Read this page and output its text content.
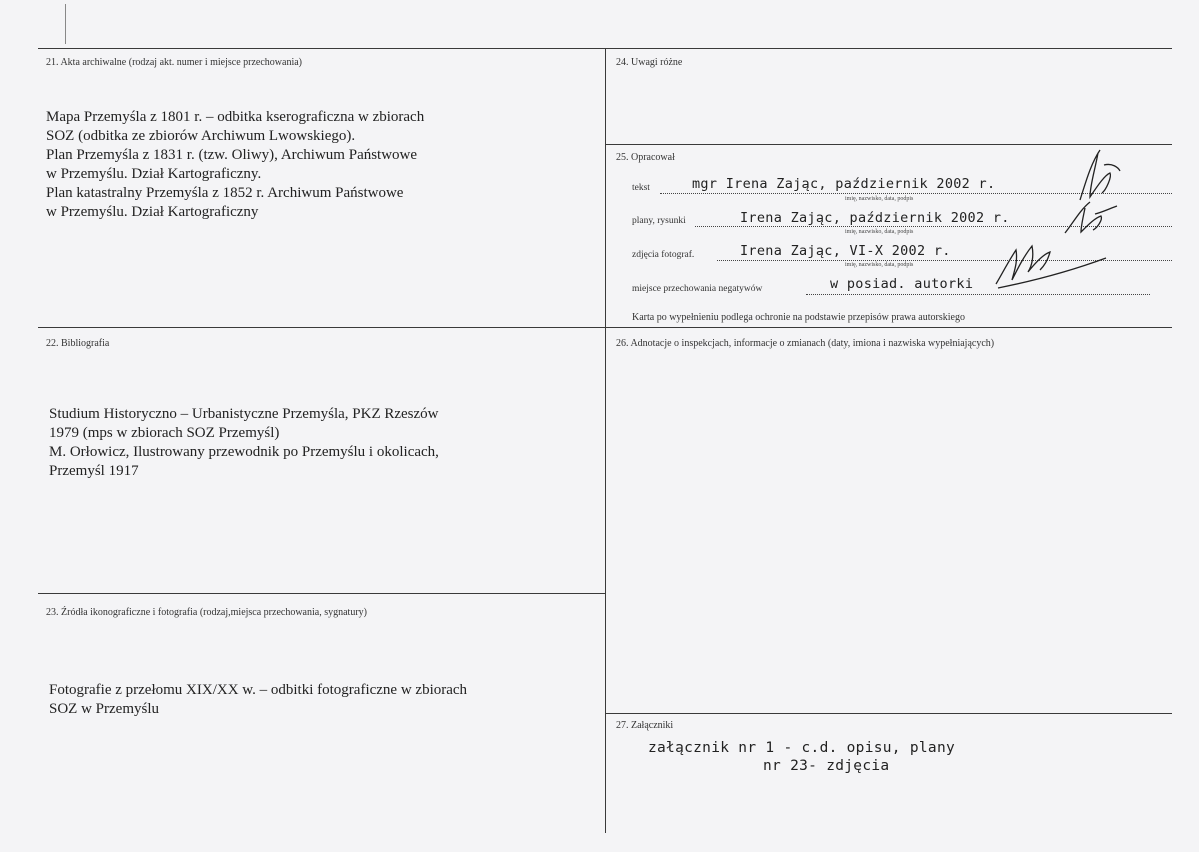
21. Akta archiwalne (rodzaj akt. numer i miejsce przechowania)
Mapa Przemyśla z 1801 r. – odbitka kserograficzna w zbiorach
SOZ (odbitka ze zbiorów Archiwum Lwowskiego).
Plan Przemyśla z 1831 r. (tzw. Oliwy), Archiwum Państwowe
w Przemyślu. Dział Kartograficzny.
Plan katastralny Przemyśla z 1852 r. Archiwum Państwowe
w Przemyślu. Dział Kartograficzny
22. Bibliografia
Studium Historyczno – Urbanistyczne Przemyśla, PKZ Rzeszów
1979 (mps w zbiorach SOZ Przemyśl)
M. Orłowicz, Ilustrowany przewodnik po Przemyślu i okolicach,
Przemyśl 1917
23. Źródła ikonograficzne i fotografia (rodzaj,miejsca przechowania, sygnatury)
Fotografie z przełomu XIX/XX w. – odbitki fotograficzne w zbiorach
SOZ w Przemyślu
24. Uwagi różne
25. Opracował
tekst	mgr Irena Zając, październik 2002 r.
imię, nazwisko, data, podpis
plany, rysunki	Irena Zając, październik 2002 r.
imię, nazwisko, data, podpis
zdjęcia fotograf.	Irena Zając, VI-X 2002 r.
imię, nazwisko, data, podpis
miejsce przechowania negatywów	w posiad. autorki
Karta po wypełnieniu podlega ochronie na podstawie przepisów prawa autorskiego
26. Adnotacje o inspekcjach, informacje o zmianach (daty, imiona i nazwiska wypełniających)
27. Załączniki
załącznik nr 1 - c.d. opisu, plany
nr 23- zdjęcia
